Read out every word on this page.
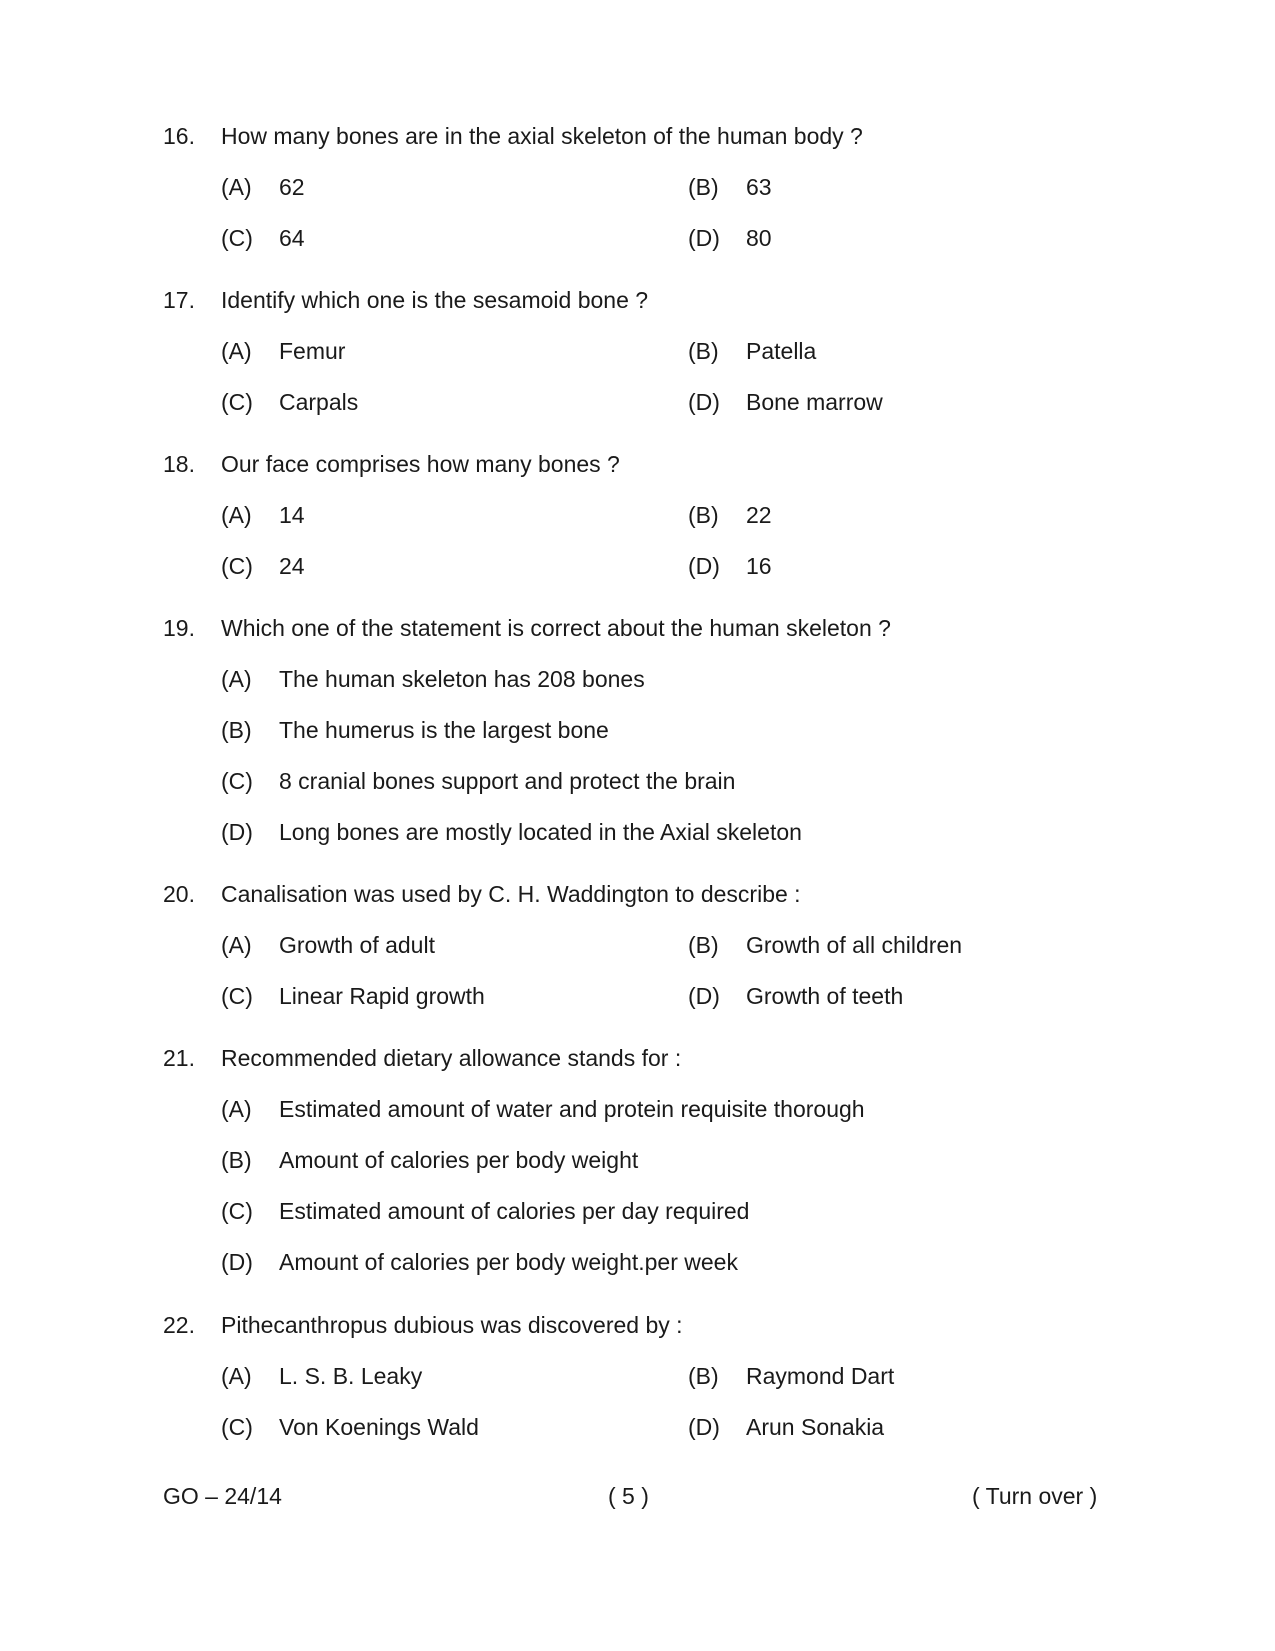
16. How many bones are in the axial skeleton of the human body ?
(A) 62	(B) 63
(C) 64	(D) 80
17. Identify which one is the sesamoid bone ?
(A) Femur	(B) Patella
(C) Carpals	(D) Bone marrow
18. Our face comprises how many bones ?
(A) 14	(B) 22
(C) 24	(D) 16
19. Which one of the statement is correct about the human skeleton ?
(A) The human skeleton has 208 bones
(B) The humerus is the largest bone
(C) 8 cranial bones support and protect the brain
(D) Long bones are mostly located in the Axial skeleton
20. Canalisation was used by C. H. Waddington to describe :
(A) Growth of adult	(B) Growth of all children
(C) Linear Rapid growth	(D) Growth of teeth
21. Recommended dietary allowance stands for :
(A) Estimated amount of water and protein requisite thorough
(B) Amount of calories per body weight
(C) Estimated amount of calories per day required
(D) Amount of calories per body weight.per week
22. Pithecanthropus dubious was discovered by :
(A) L. S. B. Leaky	(B) Raymond Dart
(C) Von Koenings Wald	(D) Arun Sonakia
GO – 24/14	( 5 )	( Turn over )
